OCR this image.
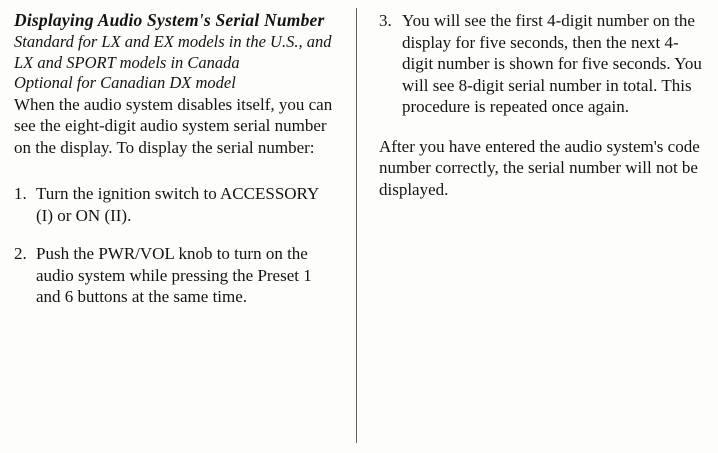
Displaying Audio System's Serial Number

Standard for LX and EX models in the U.S., and LX and SPORT models in Canada

Optional for Canadian DX model

When the audio system disables itself, you can see the eight-digit audio system serial number on the display. To display the serial number:

1. Turn the ignition switch to ACCESSORY (I) or ON (II).
2. Push the PWR/VOL knob to turn on the audio system while pressing the Preset 1 and 6 buttons at the same time.
3. You will see the first 4-digit number on the display for five seconds, then the next 4-digit number is shown for five seconds. You will see 8-digit serial number in total. This procedure is repeated once again.

After you have entered the audio system's code number correctly, the serial number will not be displayed.
